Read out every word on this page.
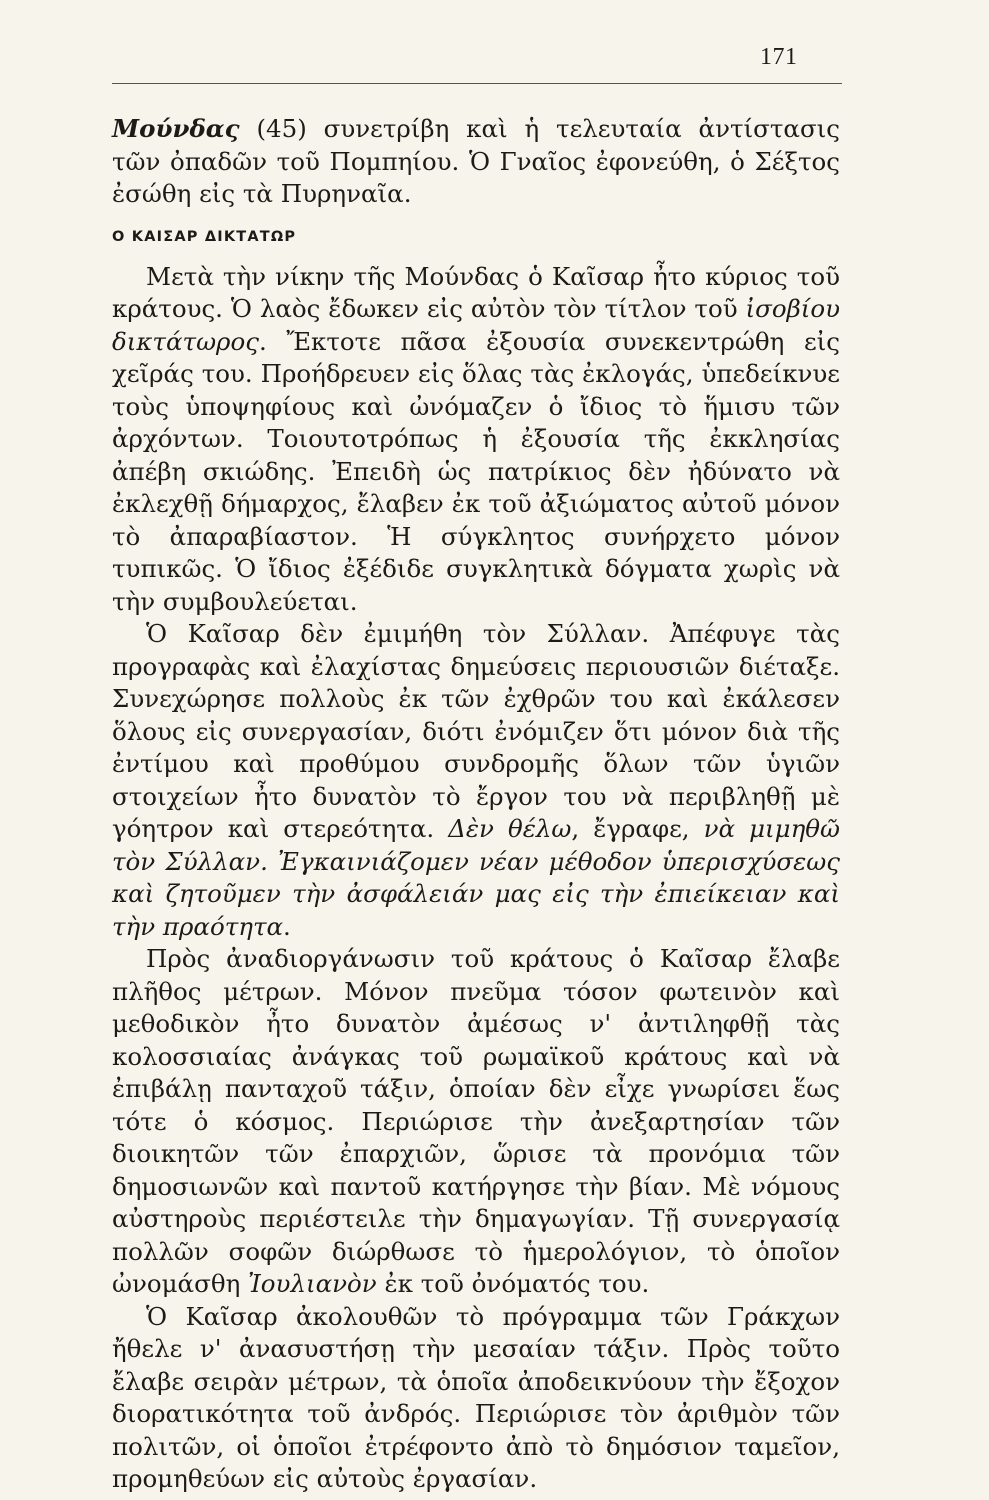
171

Μούνδας (45) συνετρίβη καὶ ἡ τελευταία ἀντίστασις τῶν ὀπαδῶν τοῦ Πομπηίου. Ὁ Γναῖος ἐφονεύθη, ὁ Σέξτος ἐσώθη εἰς τὰ Πυρηναῖα.

Ο ΚΑΙΣΑΡ ΔΙΚΤΑΤΩΡ

Μετὰ τὴν νίκην τῆς Μούνδας ὁ Καῖσαρ ἦτο κύριος τοῦ κράτους. Ὁ λαὸς ἔδωκεν εἰς αὐτὸν τὸν τίτλον τοῦ ἰσοβίου δικτάτωρος. Ἔκτοτε πᾶσα ἐξουσία συνεκεντρώθη εἰς χεῖράς του. Προήδρευεν εἰς ὅλας τὰς ἐκλογάς, ὑπεδείκνυε τοὺς ὑποψηφίους καὶ ὠνόμαζεν ὁ ἴδιος τὸ ἥμισυ τῶν ἀρχόντων. Τοιουτοτρόπως ἡ ἐξουσία τῆς ἐκκλησίας ἀπέβη σκιώδης. Ἐπειδὴ ὡς πατρίκιος δὲν ἠδύνατο νὰ ἐκλεχθῇ δήμαρχος, ἔλαβεν ἐκ τοῦ ἀξιώματος αὐτοῦ μόνον τὸ ἀπαραβίαστον. Ἡ σύγκλητος συνήρχετο μόνον τυπικῶς. Ὁ ἴδιος ἐξέδιδε συγκλητικὰ δόγματα χωρὶς νὰ τὴν συμβουλεύεται.

Ὁ Καῖσαρ δὲν ἐμιμήθη τὸν Σύλλαν. Ἀπέφυγε τὰς προγραφὰς καὶ ἐλαχίστας δημεύσεις περιουσιῶν διέταξε. Συνεχώρησε πολλοὺς ἐκ τῶν ἐχθρῶν του καὶ ἐκάλεσεν ὅλους εἰς συνεργασίαν, διότι ἐνόμιζεν ὅτι μόνον διὰ τῆς ἐντίμου καὶ προθύμου συνδρομῆς ὅλων τῶν ὑγιῶν στοιχείων ἦτο δυνατὸν τὸ ἔργον του νὰ περιβληθῇ μὲ γόητρον καὶ στερεότητα. Δὲν θέλω, ἔγραφε, νὰ μιμηθῶ τὸν Σύλλαν. Ἐγκαινιάζομεν νέαν μέθοδον ὑπερισχύσεως καὶ ζητοῦμεν τὴν ἀσφάλειάν μας εἰς τὴν ἐπιείκειαν καὶ τὴν πραότητα.

Πρὸς ἀναδιοργάνωσιν τοῦ κράτους ὁ Καῖσαρ ἔλαβε πλῆθος μέτρων. Μόνον πνεῦμα τόσον φωτεινὸν καὶ μεθοδικὸν ἦτο δυνατὸν ἀμέσως ν' ἀντιληφθῇ τὰς κολοσσιαίας ἀνάγκας τοῦ ρωμαϊκοῦ κράτους καὶ νὰ ἐπιβάλῃ πανταχοῦ τάξιν, ὁποίαν δὲν εἶχε γνωρίσει ἕως τότε ὁ κόσμος. Περιώρισε τὴν ἀνεξαρτησίαν τῶν διοικητῶν τῶν ἐπαρχιῶν, ὥρισε τὰ προνόμια τῶν δημοσιωνῶν καὶ παντοῦ κατήργησε τὴν βίαν. Μὲ νόμους αὐστηροὺς περιέστειλε τὴν δημαγωγίαν. Τῇ συνεργασίᾳ πολλῶν σοφῶν διώρθωσε τὸ ἡμερολόγιον, τὸ ὁποῖον ὠνομάσθη Ἰουλιανὸν ἐκ τοῦ ὀνόματός του.

Ὁ Καῖσαρ ἀκολουθῶν τὸ πρόγραμμα τῶν Γράκχων ἤθελε ν' ἀνασυστήσῃ τὴν μεσαίαν τάξιν. Πρὸς τοῦτο ἔλαβε σειρὰν μέτρων, τὰ ὁποῖα ἀποδεικνύουν τὴν ἔξοχον διορατικότητα τοῦ ἀνδρός. Περιώρισε τὸν ἀριθμὸν τῶν πολιτῶν, οἱ ὁποῖοι ἐτρέφοντο ἀπὸ τὸ δημόσιον ταμεῖον, προμηθεύων εἰς αὐτοὺς ἐργασίαν.
